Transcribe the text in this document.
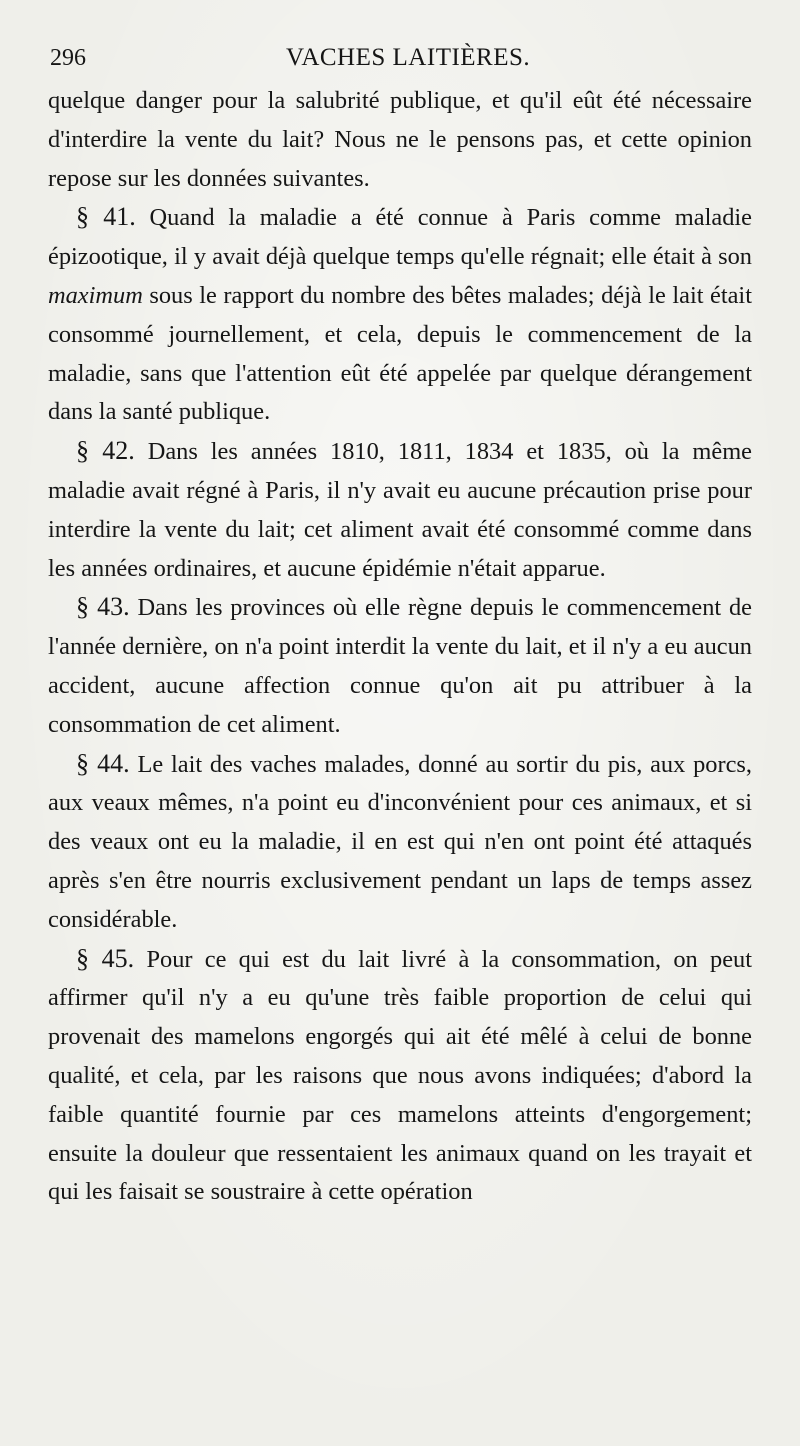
296	VACHES LAITIÈRES.

quelque danger pour la salubrité publique, et qu'il eût été nécessaire d'interdire la vente du lait? Nous ne le pensons pas, et cette opinion repose sur les données suivantes.

§ 41. Quand la maladie a été connue à Paris comme maladie épizootique, il y avait déjà quelque temps qu'elle régnait; elle était à son maximum sous le rapport du nombre des bêtes malades; déjà le lait était consommé journellement, et cela, depuis le commencement de la maladie, sans que l'attention eût été appelée par quelque dérangement dans la santé publique.

§ 42. Dans les années 1810, 1811, 1834 et 1835, où la même maladie avait régné à Paris, il n'y avait eu aucune précaution prise pour interdire la vente du lait; cet aliment avait été consommé comme dans les années ordinaires, et aucune épidémie n'était apparue.

§ 43. Dans les provinces où elle règne depuis le commencement de l'année dernière, on n'a point interdit la vente du lait, et il n'y a eu aucun accident, aucune affection connue qu'on ait pu attribuer à la consommation de cet aliment.

§ 44. Le lait des vaches malades, donné au sortir du pis, aux porcs, aux veaux mêmes, n'a point eu d'inconvénient pour ces animaux, et si des veaux ont eu la maladie, il en est qui n'en ont point été attaqués après s'en être nourris exclusivement pendant un laps de temps assez considérable.

§ 45. Pour ce qui est du lait livré à la consommation, on peut affirmer qu'il n'y a eu qu'une très faible proportion de celui qui provenait des mamelons engorgés qui ait été mêlé à celui de bonne qualité, et cela, par les raisons que nous avons indiquées; d'abord la faible quantité fournie par ces mamelons atteints d'engorgement; ensuite la douleur que ressentaient les animaux quand on les trayait et qui les faisait se soustraire à cette opération
